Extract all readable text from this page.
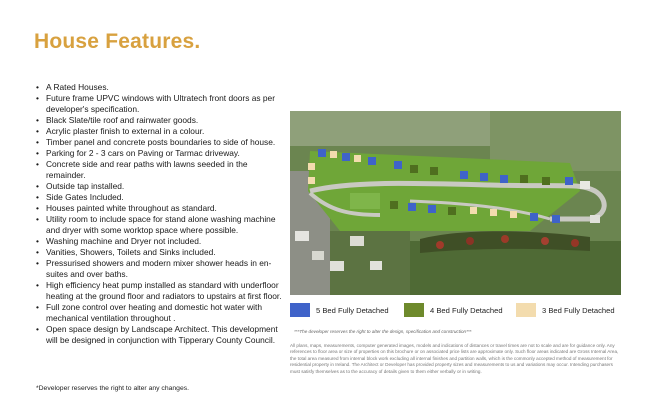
House Features.
• A Rated Houses.
• Future frame UPVC windows with Ultratech front doors as per developer's specification.
• Black Slate/tile roof and rainwater goods.
• Acrylic plaster finish to external in a colour.
• Timber panel and concrete posts boundaries to side of house.
• Parking for 2 - 3 cars on Paving or Tarmac driveway.
• Concrete side and rear paths with lawns seeded in the remainder.
• Outside tap installed.
• Side Gates Included.
• Houses painted white throughout as standard.
• Utility room to include space for stand alone washing machine and dryer with some worktop space where possible.
• Washing machine and Dryer not included.
• Vanities, Showers, Toilets and Sinks included.
• Pressurised showers and modern mixer shower heads in en-suites and over baths.
• High efficiency heat pump installed as standard with underfloor heating at the ground floor and radiators to upstairs at first floor.
• Full zone control over heating and domestic hot water with mechanical ventilation throughout .
• Open space design by Landscape Architect. This development will be designed in conjunction with Tipperary County Council.
*Developer reserves the right to alter any changes.
5 Bed Fully Detached	4 Bed Fully Detached	3 Bed Fully Detached
***The developer reserves the right to alter the design, specification and construction***
All plans, maps, measurements, computer generated images, models and indications of distances or travel times are not to scale and are for guidance only. Any references to floor area or size of properties on this brochure or on associated price lists are approximate only. Such floor areas indicated are Gross Internal Area, the total area measured from internal block work excluding all internal finishes and partition walls, which is the commonly accepted method of measurement for residential property in Ireland. The Architect or Developer has provided property sizes and measurements to us and variations may occur. Intending purchasers must satisfy themselves as to the accuracy of details given to them either verbally or in writing.
